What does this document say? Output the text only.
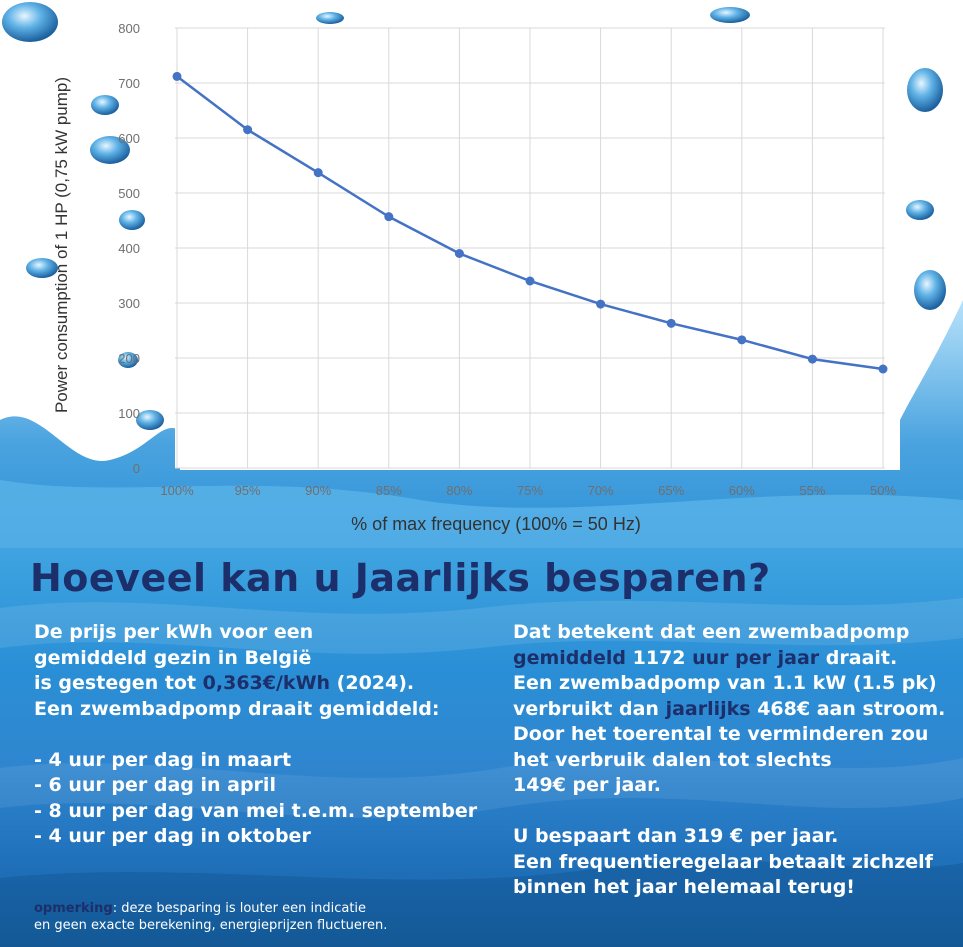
0
100
200
300
400
500
600
700
800
100%	95%	90%	85%	80%	75%	70%	65%	60%	55%	50%
Power consumption of 1 HP (0,75 kW pump)
% of max frequency (100% = 50 Hz)
Hoeveel kan u Jaarlijks besparen?
De prijs per kWh voor een
gemiddeld gezin in België
is gestegen tot 0,363€/kWh (2024).
Een zwembadpomp draait gemiddeld:
- 4 uur per dag in maart
- 6 uur per dag in april
- 8 uur per dag van mei t.e.m. september
- 4 uur per dag in oktober
Dat betekent dat een zwembadpomp
gemiddeld 1172 uur per jaar draait.
Een zwembadpomp van 1.1 kW (1.5 pk)
verbruikt dan jaarlijks 468€ aan stroom.
Door het toerental te verminderen zou
het verbruik dalen tot slechts
149€ per jaar.
U bespaart dan 319 € per jaar.
Een frequentieregelaar betaalt zichzelf
binnen het jaar helemaal terug!
opmerking: deze besparing is louter een indicatie
en geen exacte berekening, energieprijzen fluctueren.
